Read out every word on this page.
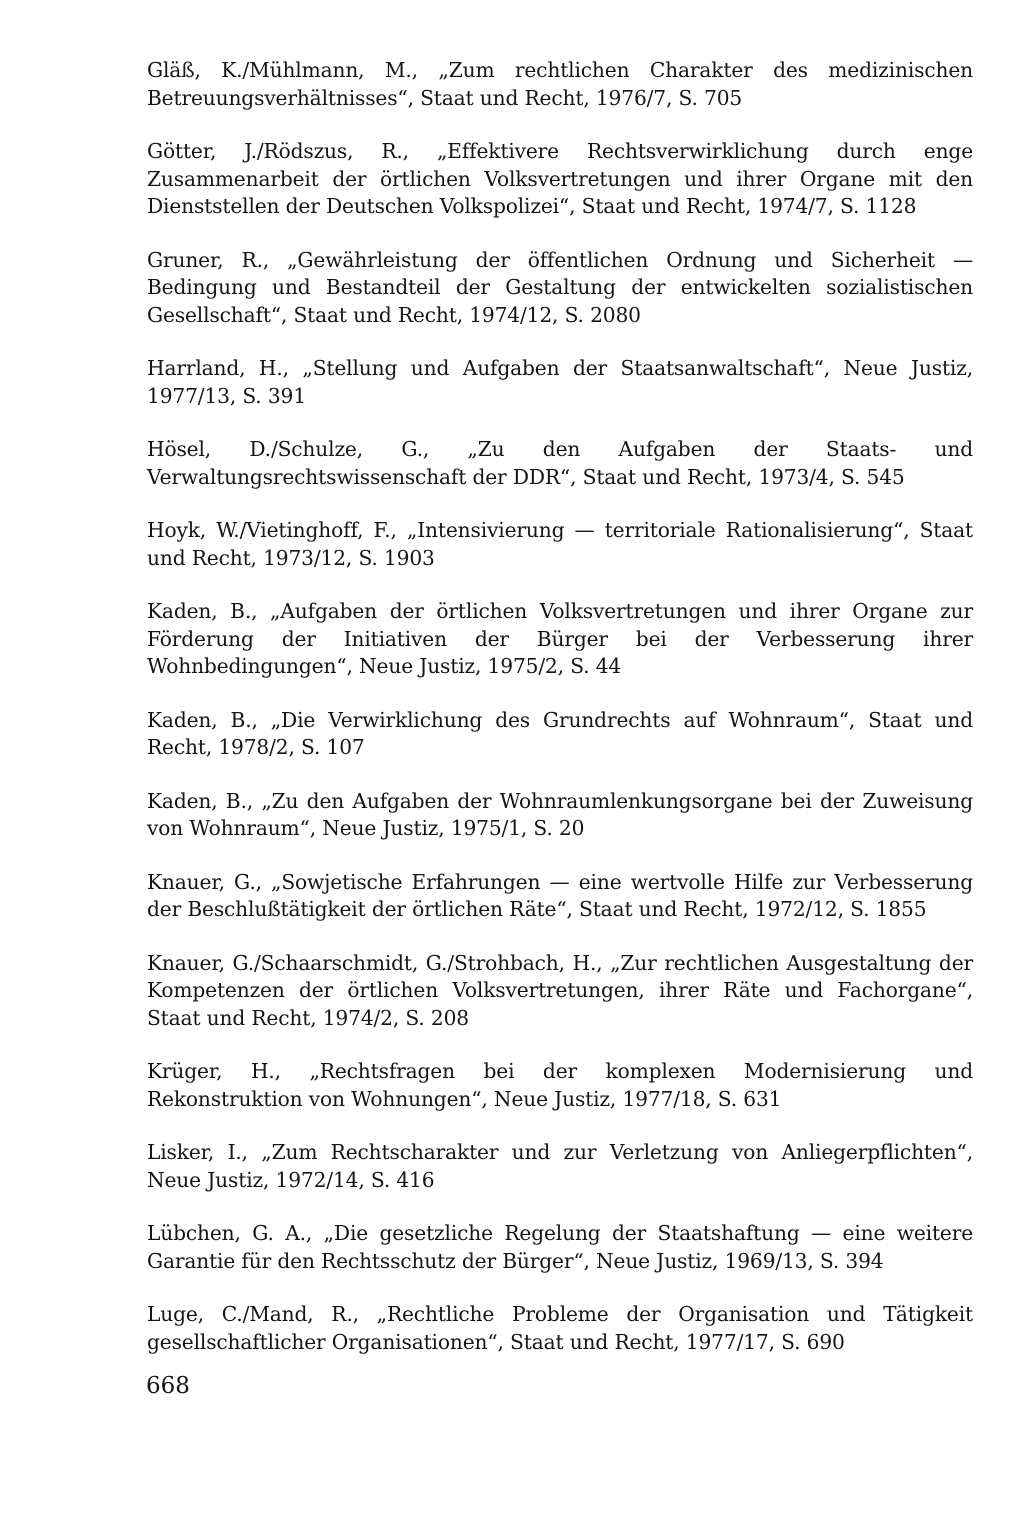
Gläß, K./Mühlmann, M., „Zum rechtlichen Charakter des medizinischen Betreuungsverhältnisses“, Staat und Recht, 1976/7, S. 705
Götter, J./Rödszus, R., „Effektivere Rechtsverwirklichung durch enge Zusammenarbeit der örtlichen Volksvertretungen und ihrer Organe mit den Dienststellen der Deutschen Volkspolizei“, Staat und Recht, 1974/7, S. 1128
Gruner, R., „Gewährleistung der öffentlichen Ordnung und Sicherheit — Bedingung und Bestandteil der Gestaltung der entwickelten sozialistischen Gesellschaft“, Staat und Recht, 1974/12, S. 2080
Harrland, H., „Stellung und Aufgaben der Staatsanwaltschaft“, Neue Justiz, 1977/13, S. 391
Hösel, D./Schulze, G., „Zu den Aufgaben der Staats- und Verwaltungsrechtswissenschaft der DDR“, Staat und Recht, 1973/4, S. 545
Hoyk, W./Vietinghoff, F., „Intensivierung — territoriale Rationalisierung“, Staat und Recht, 1973/12, S. 1903
Kaden, B., „Aufgaben der örtlichen Volksvertretungen und ihrer Organe zur Förderung der Initiativen der Bürger bei der Verbesserung ihrer Wohnbedingungen“, Neue Justiz, 1975/2, S. 44
Kaden, B., „Die Verwirklichung des Grundrechts auf Wohnraum“, Staat und Recht, 1978/2, S. 107
Kaden, B., „Zu den Aufgaben der Wohnraumlenkungsorgane bei der Zuweisung von Wohnraum“, Neue Justiz, 1975/1, S. 20
Knauer, G., „Sowjetische Erfahrungen — eine wertvolle Hilfe zur Verbesserung der Beschlußtätigkeit der örtlichen Räte“, Staat und Recht, 1972/12, S. 1855
Knauer, G./Schaarschmidt, G./Strohbach, H., „Zur rechtlichen Ausgestaltung der Kompetenzen der örtlichen Volksvertretungen, ihrer Räte und Fachorgane“, Staat und Recht, 1974/2, S. 208
Krüger, H., „Rechtsfragen bei der komplexen Modernisierung und Rekonstruktion von Wohnungen“, Neue Justiz, 1977/18, S. 631
Lisker, I., „Zum Rechtscharakter und zur Verletzung von Anliegerpflichten“, Neue Justiz, 1972/14, S. 416
Lübchen, G. A., „Die gesetzliche Regelung der Staatshaftung — eine weitere Garantie für den Rechtsschutz der Bürger“, Neue Justiz, 1969/13, S. 394
Luge, C./Mand, R., „Rechtliche Probleme der Organisation und Tätigkeit gesellschaftlicher Organisationen“, Staat und Recht, 1977/17, S. 690
668
